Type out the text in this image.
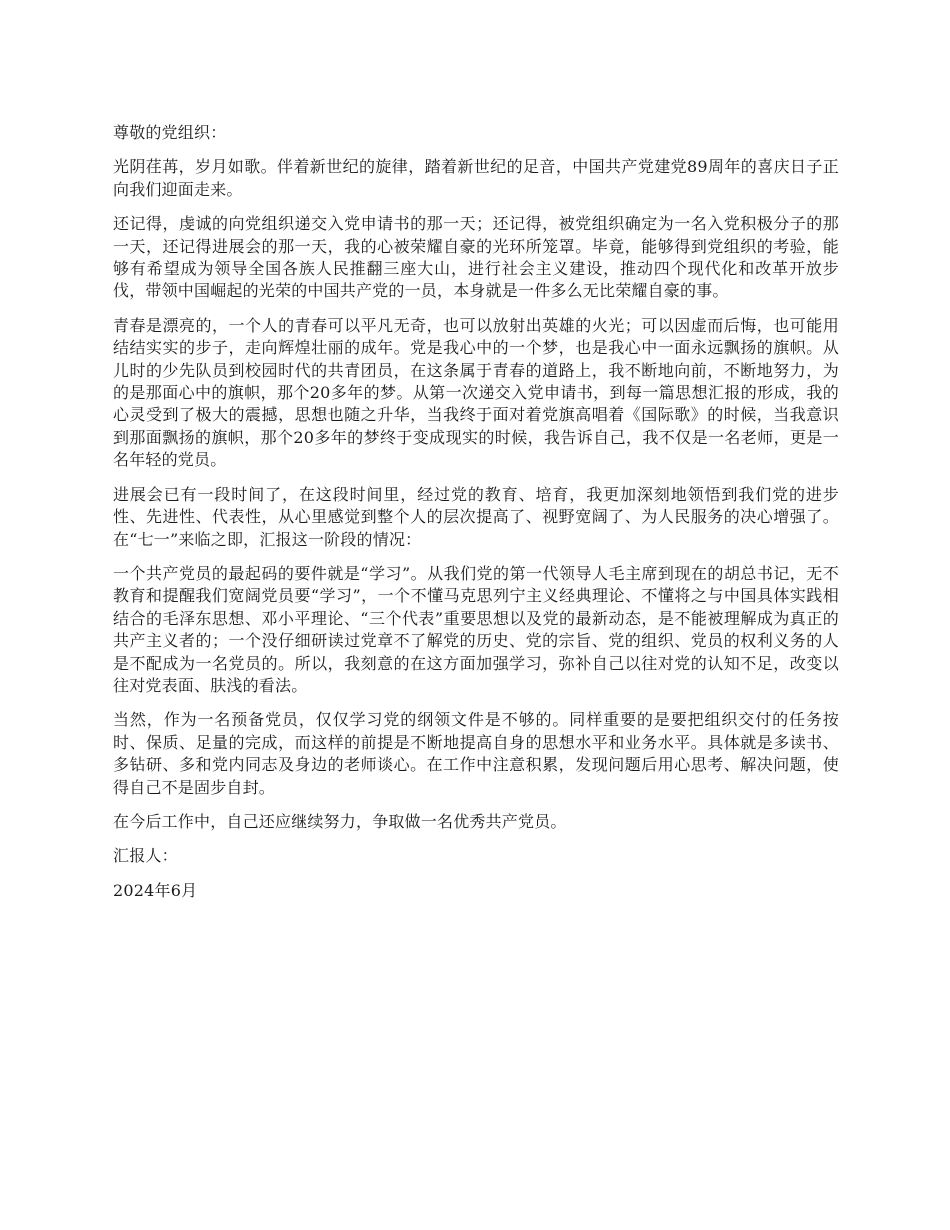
尊敬的党组织：

光阴荏苒，岁月如歌。伴着新世纪的旋律，踏着新世纪的足音，中国共产党建党89周年的喜庆日子正向我们迎面走来。

还记得，虔诚的向党组织递交入党申请书的那一天；还记得，被党组织确定为一名入党积极分子的那一天，还记得进展会的那一天，我的心被荣耀自豪的光环所笼罩。毕竟，能够得到党组织的考验，能够有希望成为领导全国各族人民推翻三座大山，进行社会主义建设，推动四个现代化和改革开放步伐，带领中国崛起的光荣的中国共产党的一员，本身就是一件多么无比荣耀自豪的事。

青春是漂亮的，一个人的青春可以平凡无奇，也可以放射出英雄的火光；可以因虚而后悔，也可能用结结实实的步子，走向辉煌壮丽的成年。党是我心中的一个梦，也是我心中一面永远飘扬的旗帜。从儿时的少先队员到校园时代的共青团员，在这条属于青春的道路上，我不断地向前，不断地努力，为的是那面心中的旗帜，那个20多年的梦。从第一次递交入党申请书，到每一篇思想汇报的形成，我的心灵受到了极大的震撼，思想也随之升华，当我终于面对着党旗高唱着《国际歌》的时候，当我意识到那面飘扬的旗帜，那个20多年的梦终于变成现实的时候，我告诉自己，我不仅是一名老师，更是一名年轻的党员。

进展会已有一段时间了，在这段时间里，经过党的教育、培育，我更加深刻地领悟到我们党的进步性、先进性、代表性，从心里感觉到整个人的层次提高了、视野宽阔了、为人民服务的决心增强了。在“七一”来临之即，汇报这一阶段的情况：

一个共产党员的最起码的要件就是“学习”。从我们党的第一代领导人毛主席到现在的胡总书记，无不教育和提醒我们宽阔党员要“学习”，一个不懂马克思列宁主义经典理论、不懂将之与中国具体实践相结合的毛泽东思想、邓小平理论、“三个代表”重要思想以及党的最新动态，是不能被理解成为真正的共产主义者的；一个没仔细研读过党章不了解党的历史、党的宗旨、党的组织、党员的权利义务的人是不配成为一名党员的。所以，我刻意的在这方面加强学习，弥补自己以往对党的认知不足，改变以往对党表面、肤浅的看法。

当然，作为一名预备党员，仅仅学习党的纲领文件是不够的。同样重要的是要把组织交付的任务按时、保质、足量的完成，而这样的前提是不断地提高自身的思想水平和业务水平。具体就是多读书、多钻研、多和党内同志及身边的老师谈心。在工作中注意积累，发现问题后用心思考、解决问题，使得自己不是固步自封。

在今后工作中，自己还应继续努力，争取做一名优秀共产党员。

汇报人：

2024年6月
